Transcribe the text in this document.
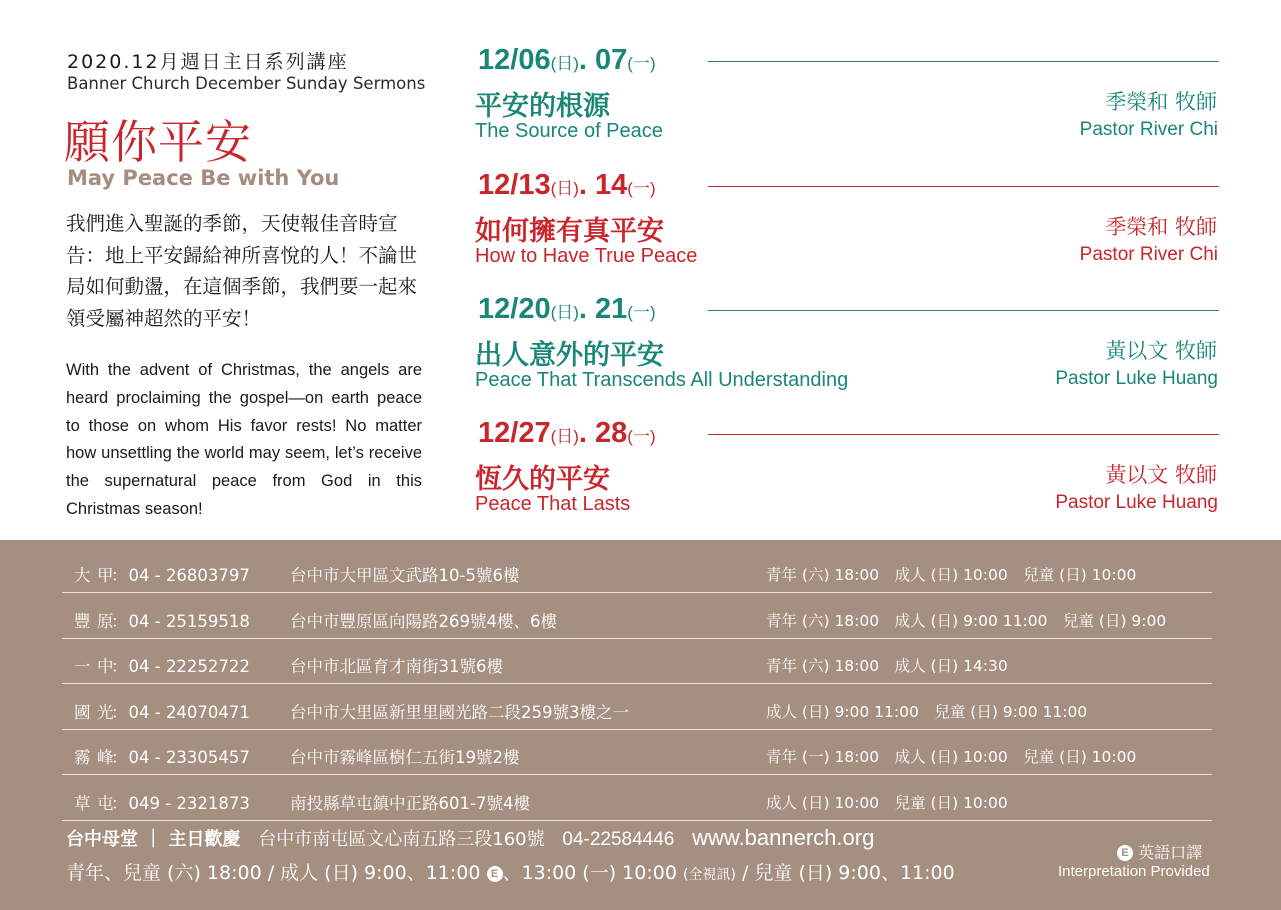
2020.12月週日主日系列講座
Banner Church December Sunday Sermons
願你平安
May Peace Be with You
我們進入聖誕的季節，天使報佳音時宣告：地上平安歸給神所喜悅的人！不論世局如何動盪，在這個季節，我們要一起來領受屬神超然的平安！
With the advent of Christmas, the angels are heard proclaiming the gospel—on earth peace to those on whom His favor rests! No matter how unsettling the world may seem, let’s receive the supernatural peace from God in this Christmas season!
12/06(日). 07(一)
平安的根源
The Source of Peace
季榮和 牧師
Pastor River Chi
12/13(日). 14(一)
如何擁有真平安
How to Have True Peace
季榮和 牧師
Pastor River Chi
12/20(日). 21(一)
出人意外的平安
Peace That Transcends All Understanding
黃以文 牧師
Pastor Luke Huang
12/27(日). 28(一)
恆久的平安
Peace That Lasts
黃以文 牧師
Pastor Luke Huang
大 甲：04 - 26803797 台中市大甲區文武路10-5號6樓	青年 (六) 18:00　成人 (日) 10:00　兒童 (日) 10:00
豐 原：04 - 25159518 台中市豐原區向陽路269號4樓、6樓	青年 (六) 18:00　成人 (日) 9:00 11:00　兒童 (日) 9:00
一 中：04 - 22252722 台中市北區育才南街31號6樓	青年 (六) 18:00　成人 (日) 14:30
國 光：04 - 24070471 台中市大里區新里里國光路二段259號3樓之一	成人 (日) 9:00 11:00　兒童 (日) 9:00 11:00
霧 峰：04 - 23305457 台中市霧峰區樹仁五街19號2樓	青年 (一) 18:00　成人 (日) 10:00　兒童 (日) 10:00
草 屯：049 - 2321873 南投縣草屯鎮中正路601-7號4樓	成人 (日) 10:00　兒童 (日) 10:00
台中母堂 ｜ 主日歡慶 台中市南屯區文心南五路三段160號 04-22584446 www.bannerch.org
青年、兒童 (六) 18:00 / 成人 (日) 9:00、11:00 E 、13:00 (一) 10:00 (全視訊) / 兒童 (日) 9:00、11:00
E 英語口譯
Interpretation Provided
